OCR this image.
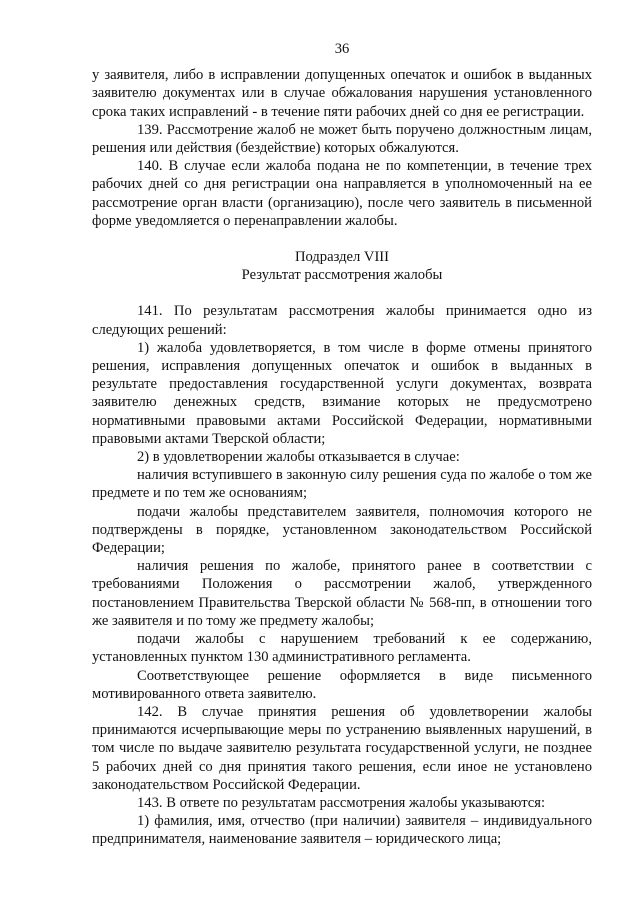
36

у заявителя, либо в исправлении допущенных опечаток и ошибок в выданных заявителю документах или в случае обжалования нарушения установленного срока таких исправлений - в течение пяти рабочих дней со дня ее регистрации.

139. Рассмотрение жалоб не может быть поручено должностным лицам, решения или действия (бездействие) которых обжалуются.

140. В случае если жалоба подана не по компетенции, в течение трех рабочих дней со дня регистрации она направляется в уполномоченный на ее рассмотрение орган власти (организацию), после чего заявитель в письменной форме уведомляется о перенаправлении жалобы.

Подраздел VIII
Результат рассмотрения жалобы

141. По результатам рассмотрения жалобы принимается одно из следующих решений:

1) жалоба удовлетворяется, в том числе в форме отмены принятого решения, исправления допущенных опечаток и ошибок в выданных в результате предоставления государственной услуги документах, возврата заявителю денежных средств, взимание которых не предусмотрено нормативными правовыми актами Российской Федерации, нормативными правовыми актами Тверской области;

2) в удовлетворении жалобы отказывается в случае:

наличия вступившего в законную силу решения суда по жалобе о том же предмете и по тем же основаниям;

подачи жалобы представителем заявителя, полномочия которого не подтверждены в порядке, установленном законодательством Российской Федерации;

наличия решения по жалобе, принятого ранее в соответствии с требованиями Положения о рассмотрении жалоб, утвержденного постановлением Правительства Тверской области № 568-пп, в отношении того же заявителя и по тому же предмету жалобы;

подачи жалобы с нарушением требований к ее содержанию, установленных пунктом 130 административного регламента.

Соответствующее решение оформляется в виде письменного мотивированного ответа заявителю.

142. В случае принятия решения об удовлетворении жалобы принимаются исчерпывающие меры по устранению выявленных нарушений, в том числе по выдаче заявителю результата государственной услуги, не позднее 5 рабочих дней со дня принятия такого решения, если иное не установлено законодательством Российской Федерации.

143. В ответе по результатам рассмотрения жалобы указываются:

1) фамилия, имя, отчество (при наличии) заявителя – индивидуального предпринимателя, наименование заявителя – юридического лица;
